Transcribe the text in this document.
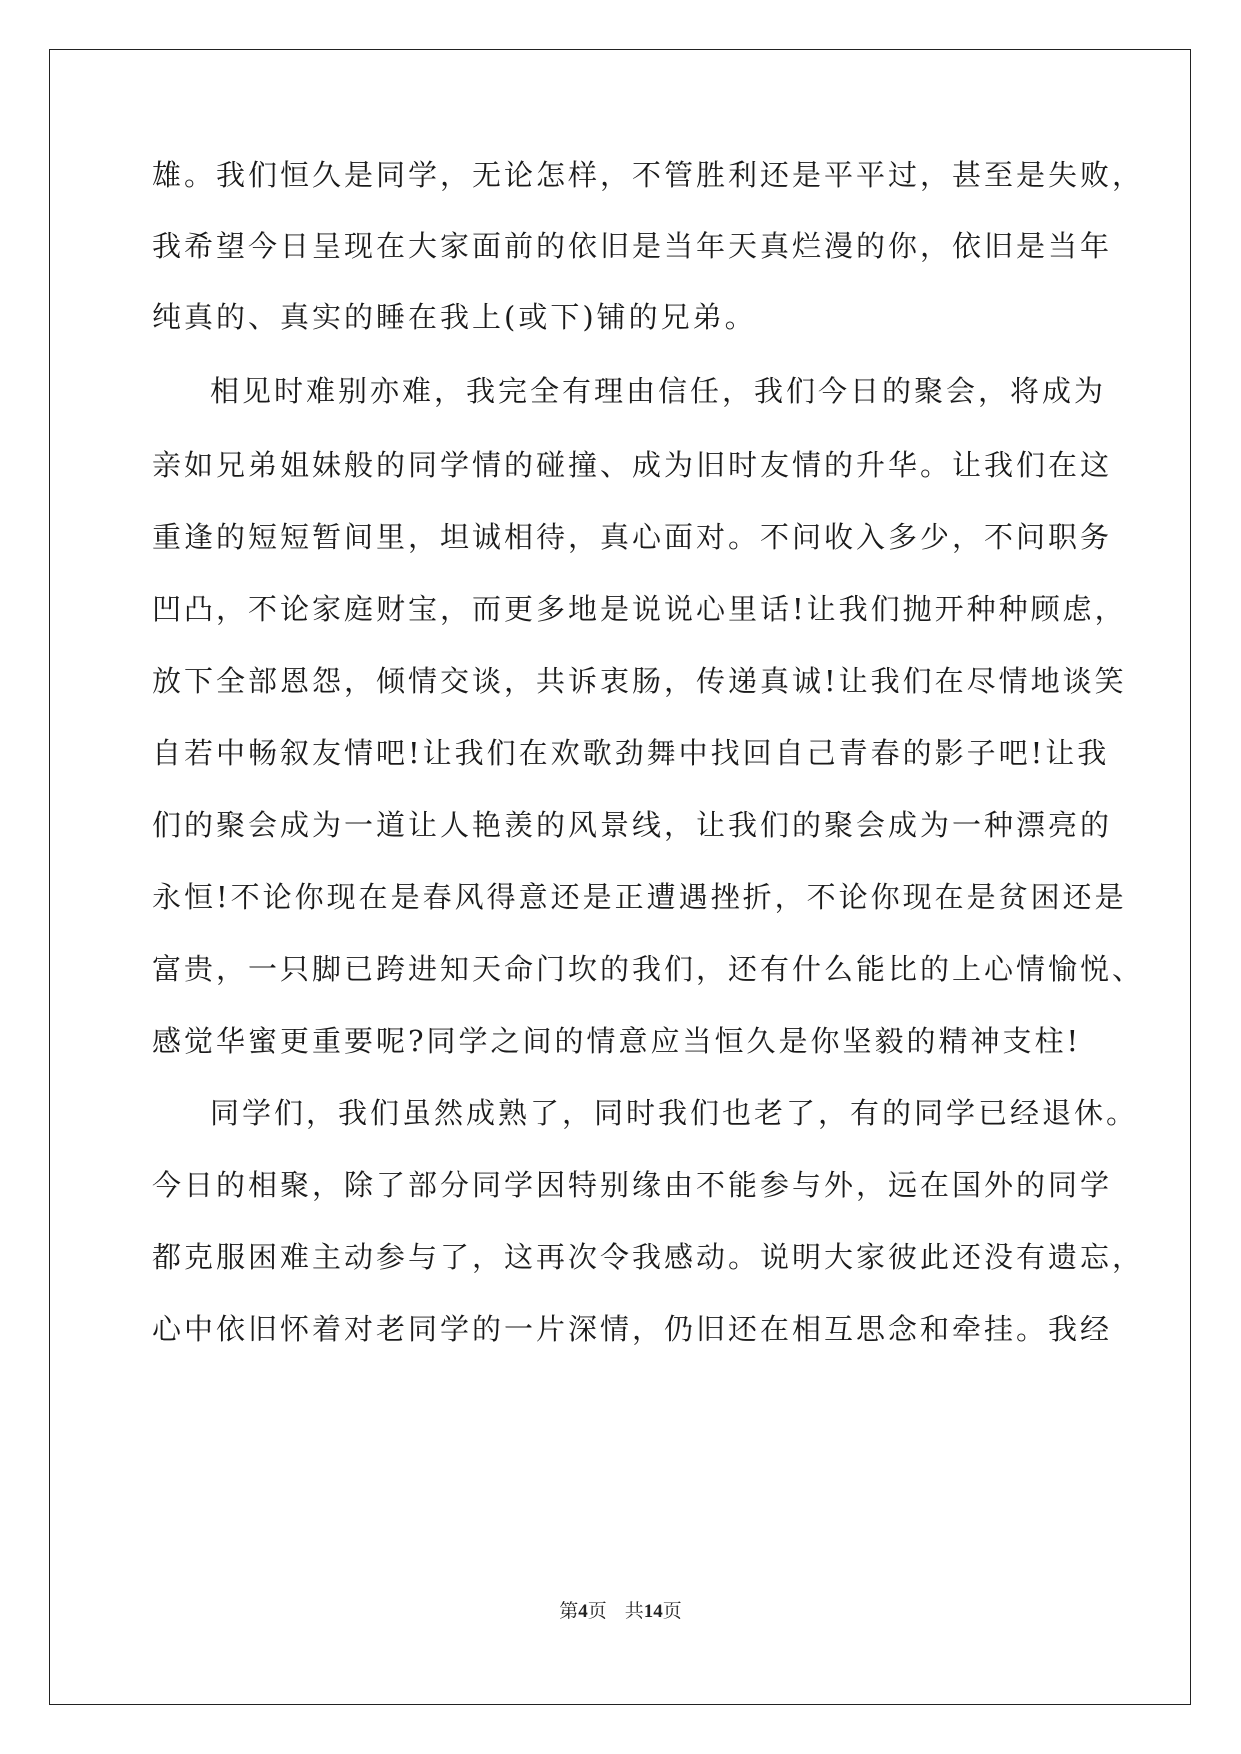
雄。我们恒久是同学，无论怎样，不管胜利还是平平过，甚至是失败，
我希望今日呈现在大家面前的依旧是当年天真烂漫的你，依旧是当年
纯真的、真实的睡在我上(或下)铺的兄弟。
相见时难别亦难，我完全有理由信任，我们今日的聚会，将成为
亲如兄弟姐妹般的同学情的碰撞、成为旧时友情的升华。让我们在这
重逢的短短暂间里，坦诚相待，真心面对。不问收入多少，不问职务
凹凸，不论家庭财宝，而更多地是说说心里话!让我们抛开种种顾虑，
放下全部恩怨，倾情交谈，共诉衷肠，传递真诚!让我们在尽情地谈笑
自若中畅叙友情吧!让我们在欢歌劲舞中找回自己青春的影子吧!让我
们的聚会成为一道让人艳羡的风景线，让我们的聚会成为一种漂亮的
永恒!不论你现在是春风得意还是正遭遇挫折，不论你现在是贫困还是
富贵，一只脚已跨进知天命门坎的我们，还有什么能比的上心情愉悦、
感觉华蜜更重要呢?同学之间的情意应当恒久是你坚毅的精神支柱!
同学们，我们虽然成熟了，同时我们也老了，有的同学已经退休。
今日的相聚，除了部分同学因特别缘由不能参与外，远在国外的同学
都克服困难主动参与了，这再次令我感动。说明大家彼此还没有遗忘，
心中依旧怀着对老同学的一片深情，仍旧还在相互思念和牵挂。我经
第4页 共14页
